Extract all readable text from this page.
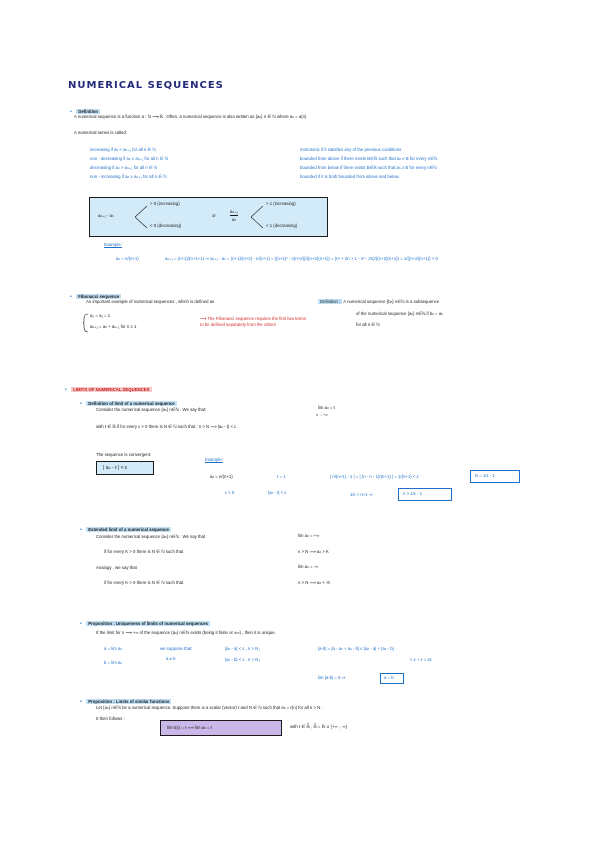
NUMERICAL SEQUENCES
• Definition
A numerical sequence is a function a : ℕ ⟶ ℝ . Often, a numerical sequence is also written as {aₙ} n ∈ ℕ where aₙ = a(n)
A numerical series is called:
increasing if aₙ < aₙ₊₁ for all n ∈ ℕ
non - decreasing if aₙ ≤ aₙ₊₁ for all n ∈ ℕ
decreasing if aₙ > aₙ₊₁ for all n ∈ ℕ
non - increasing if aₙ ≥ aₙ₊₁ for all n ∈ ℕ
monotonic if it satisfies any of the previous conditions
bounded from above if there exists B∈ℝ such that aₙ ≤ B for every n∈ℕ
bounded from below if there exists B∈ℝ such that aₙ ≥ B for every n∈ℕ
bounded if it is both bounded from above and below.
aₙ₊₁ - aₙ
> 0 (increasing)
< 0 (decreasing)
or
aₙ₊₁
aₙ
> 1 (increasing)
< 1 (decreasing)
Example:
aₙ = n/(n+1)	aₙ₊₁ = (n+1)/(n+1+1) ⇒ aₙ₊₁ - aₙ = (n+1)/(n+2) - n/(n+1) = ((n+1)² - n(n+2))/((n+2)(n+1)) = (n² + 2n + 1 - n² - 2n)/((n+2)(n+1)) = 1/((n+2)(n+1)) > 0
• Fibonacci sequence
An important example of numerical sequences , which is defined as
a₀ = a₁ = 1
aₙ₊₁ = aₙ + aₙ₋₁ for n ≥ 1
⟶ The Fibonacci sequence requires the first two terms to be defined separately from the others
Definition : A numerical sequence {bₙ} n∈ℕ is a subsequence
of the numerical sequence {aₙ} n∈ℕ if bₙ = aₙ
for all n ∈ ℕ
• LIMITS OF NUMERICAL SEQUENCES
• Definition of limit of a numerical sequence
Consider the numerical sequence {aₙ} n∈ℕ . We say that:	lim aₙ = ℓ
n → +∞
with ℓ ∈ ℝ if for every ε > 0 there is N ∈ ℕ such that : n > N ⟹ |aₙ - ℓ| < ε
The sequence is convergent:
| aₙ - ℓ | < ε
Example:
aₙ = n/(n+1)	ℓ = 1
ε > 0	|aₙ - ℓ| < ε
| n/(n+1) - 1 | = | (n - n - 1)/(n+1) | = 1/(n+1) < ε	N = 1/ε - 1
1/ε < n+1 ⇒	n > 1/ε - 1
• Extended limit of a numerical sequence
Consider the numerical sequence {aₙ} n∈ℕ . We say that	lim aₙ = +∞
if for every K > 0 there is N ∈ ℕ such that	n > N ⟹ aₙ > K
Analogy , we say that	lim aₙ = -∞
if for every K > 0 there is N ∈ ℕ such that	n > N ⟹ aₙ < -K
• Proposition : Uniqueness of limits of numerical sequences
If the limit for n ⟶ +∞ of the sequence {aₙ} n∈ℕ exists (being it finite or ±∞) , then it is unique.
a = lim aₙ
b = lim aₙ
we suppose that:
a ≠ b
|aₙ - a| < ε , n > N₁
|aₙ - b| < ε , n > N₂
|a-b| = |a - aₙ + aₙ - b| ≤ |aₙ - a| + |aₙ - b|
< ε + ε = 2ε
lim |a-b| = 0 ⇒	a = b
• Proposition : Limits of similar functions
Let {aₙ} n∈ℕ be a numerical sequence. Suppose there is a scalar (vector) ℓ and N ∈ ℕ such that aₙ = ℓ(n) for all n > N .
It then follows :
lim ℓ(x) = ℓ ⟹ lim aₙ = ℓ	with ℓ ∈ ℝ̄ , ℝ̄ = ℝ ∪ {+∞ , -∞}
